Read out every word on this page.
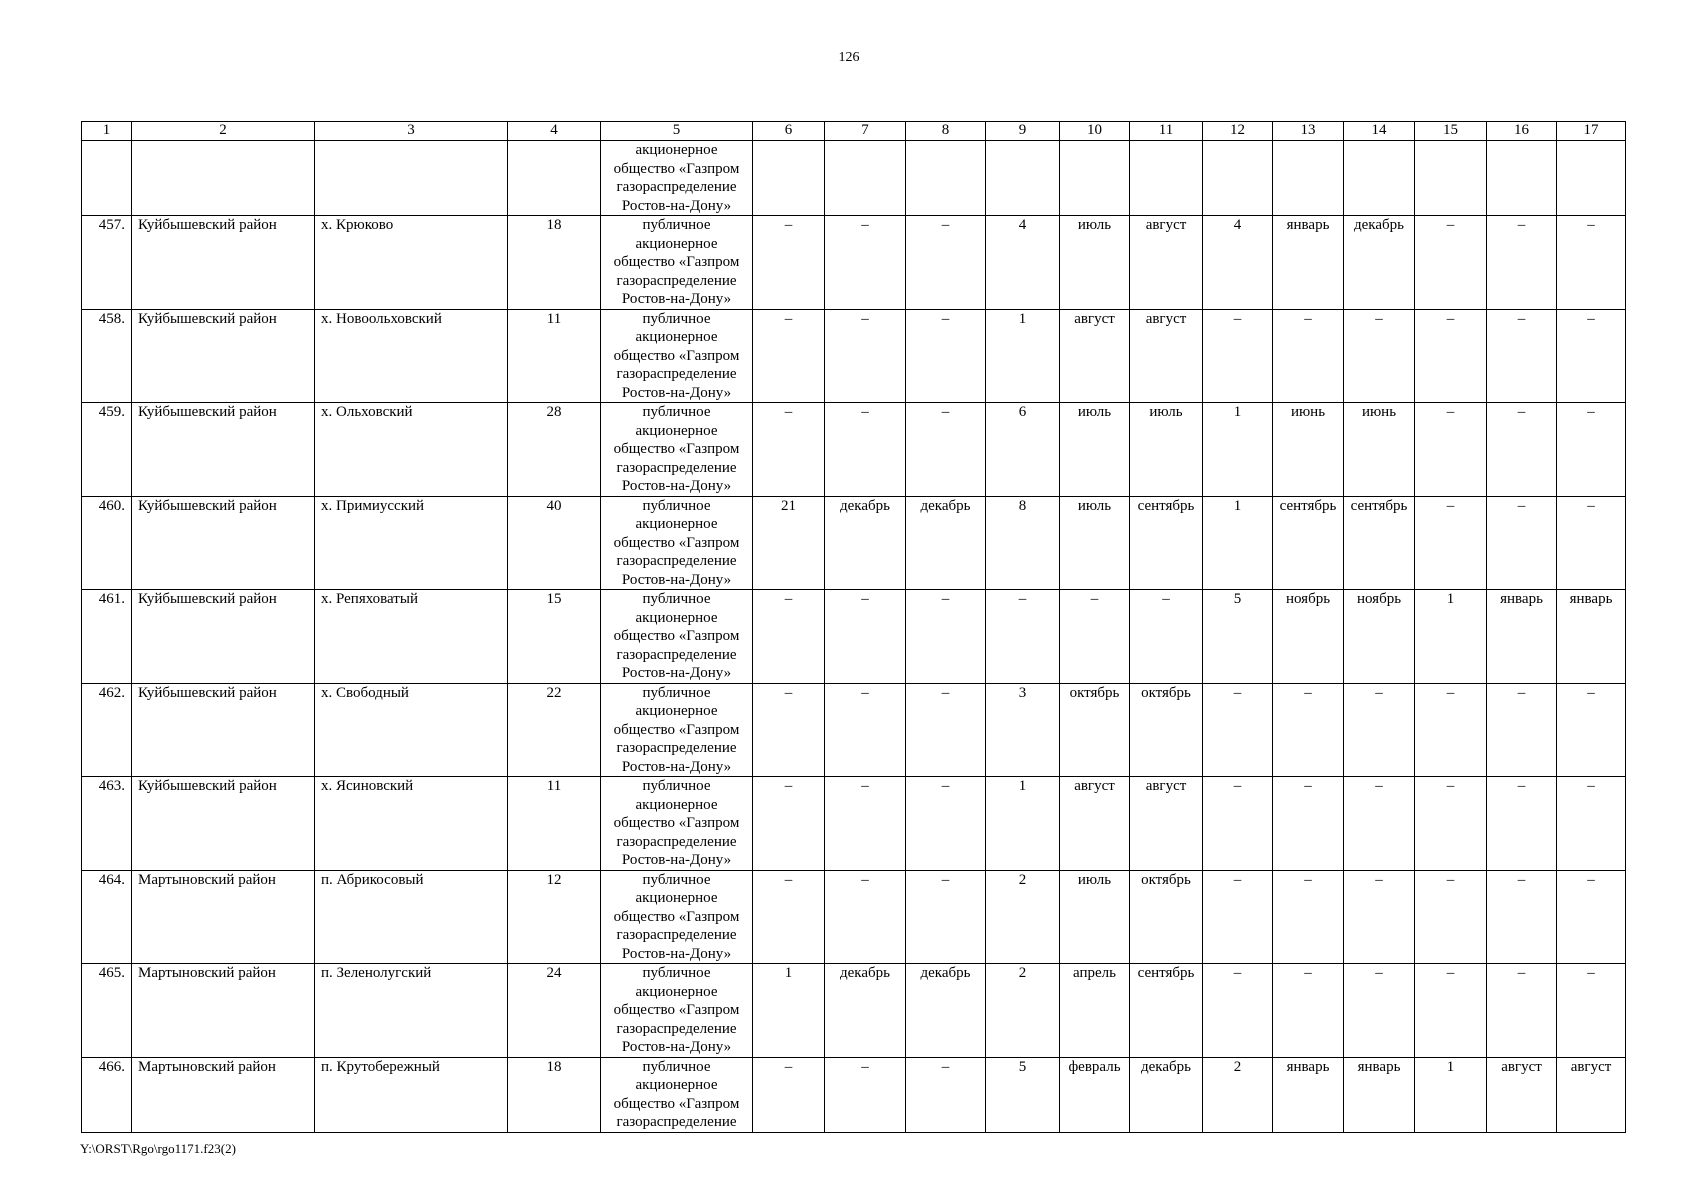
126
1	2	3	4	5	6	7	8	9	10	11	12	13	14	15	16	17
				акционерное общество «Газпром газораспределение Ростов-на-Дону»												
457.	Куйбышевский район	х. Крюково	18	публичное акционерное общество «Газпром газораспределение Ростов-на-Дону»	–	–	–	4	июль	август	4	январь	декабрь	–	–	–
458.	Куйбышевский район	х. Новоольховский	11	публичное акционерное общество «Газпром газораспределение Ростов-на-Дону»	–	–	–	1	август	август	–	–	–	–	–	–
459.	Куйбышевский район	х. Ольховский	28	публичное акционерное общество «Газпром газораспределение Ростов-на-Дону»	–	–	–	6	июль	июль	1	июнь	июнь	–	–	–
460.	Куйбышевский район	х. Примиусский	40	публичное акционерное общество «Газпром газораспределение Ростов-на-Дону»	21	декабрь	декабрь	8	июль	сентябрь	1	сентябрь	сентябрь	–	–	–
461.	Куйбышевский район	х. Репяховатый	15	публичное акционерное общество «Газпром газораспределение Ростов-на-Дону»	–	–	–	–	–	–	5	ноябрь	ноябрь	1	январь	январь
462.	Куйбышевский район	х. Свободный	22	публичное акционерное общество «Газпром газораспределение Ростов-на-Дону»	–	–	–	3	октябрь	октябрь	–	–	–	–	–	–
463.	Куйбышевский район	х. Ясиновский	11	публичное акционерное общество «Газпром газораспределение Ростов-на-Дону»	–	–	–	1	август	август	–	–	–	–	–	–
464.	Мартыновский район	п. Абрикосовый	12	публичное акционерное общество «Газпром газораспределение Ростов-на-Дону»	–	–	–	2	июль	октябрь	–	–	–	–	–	–
465.	Мартыновский район	п. Зеленолугский	24	публичное акционерное общество «Газпром газораспределение Ростов-на-Дону»	1	декабрь	декабрь	2	апрель	сентябрь	–	–	–	–	–	–
466.	Мартыновский район	п. Крутобережный	18	публичное акционерное общество «Газпром газораспределение	–	–	–	5	февраль	декабрь	2	январь	январь	1	август	август
Y:\ORST\Rgo\rgo1171.f23(2)
